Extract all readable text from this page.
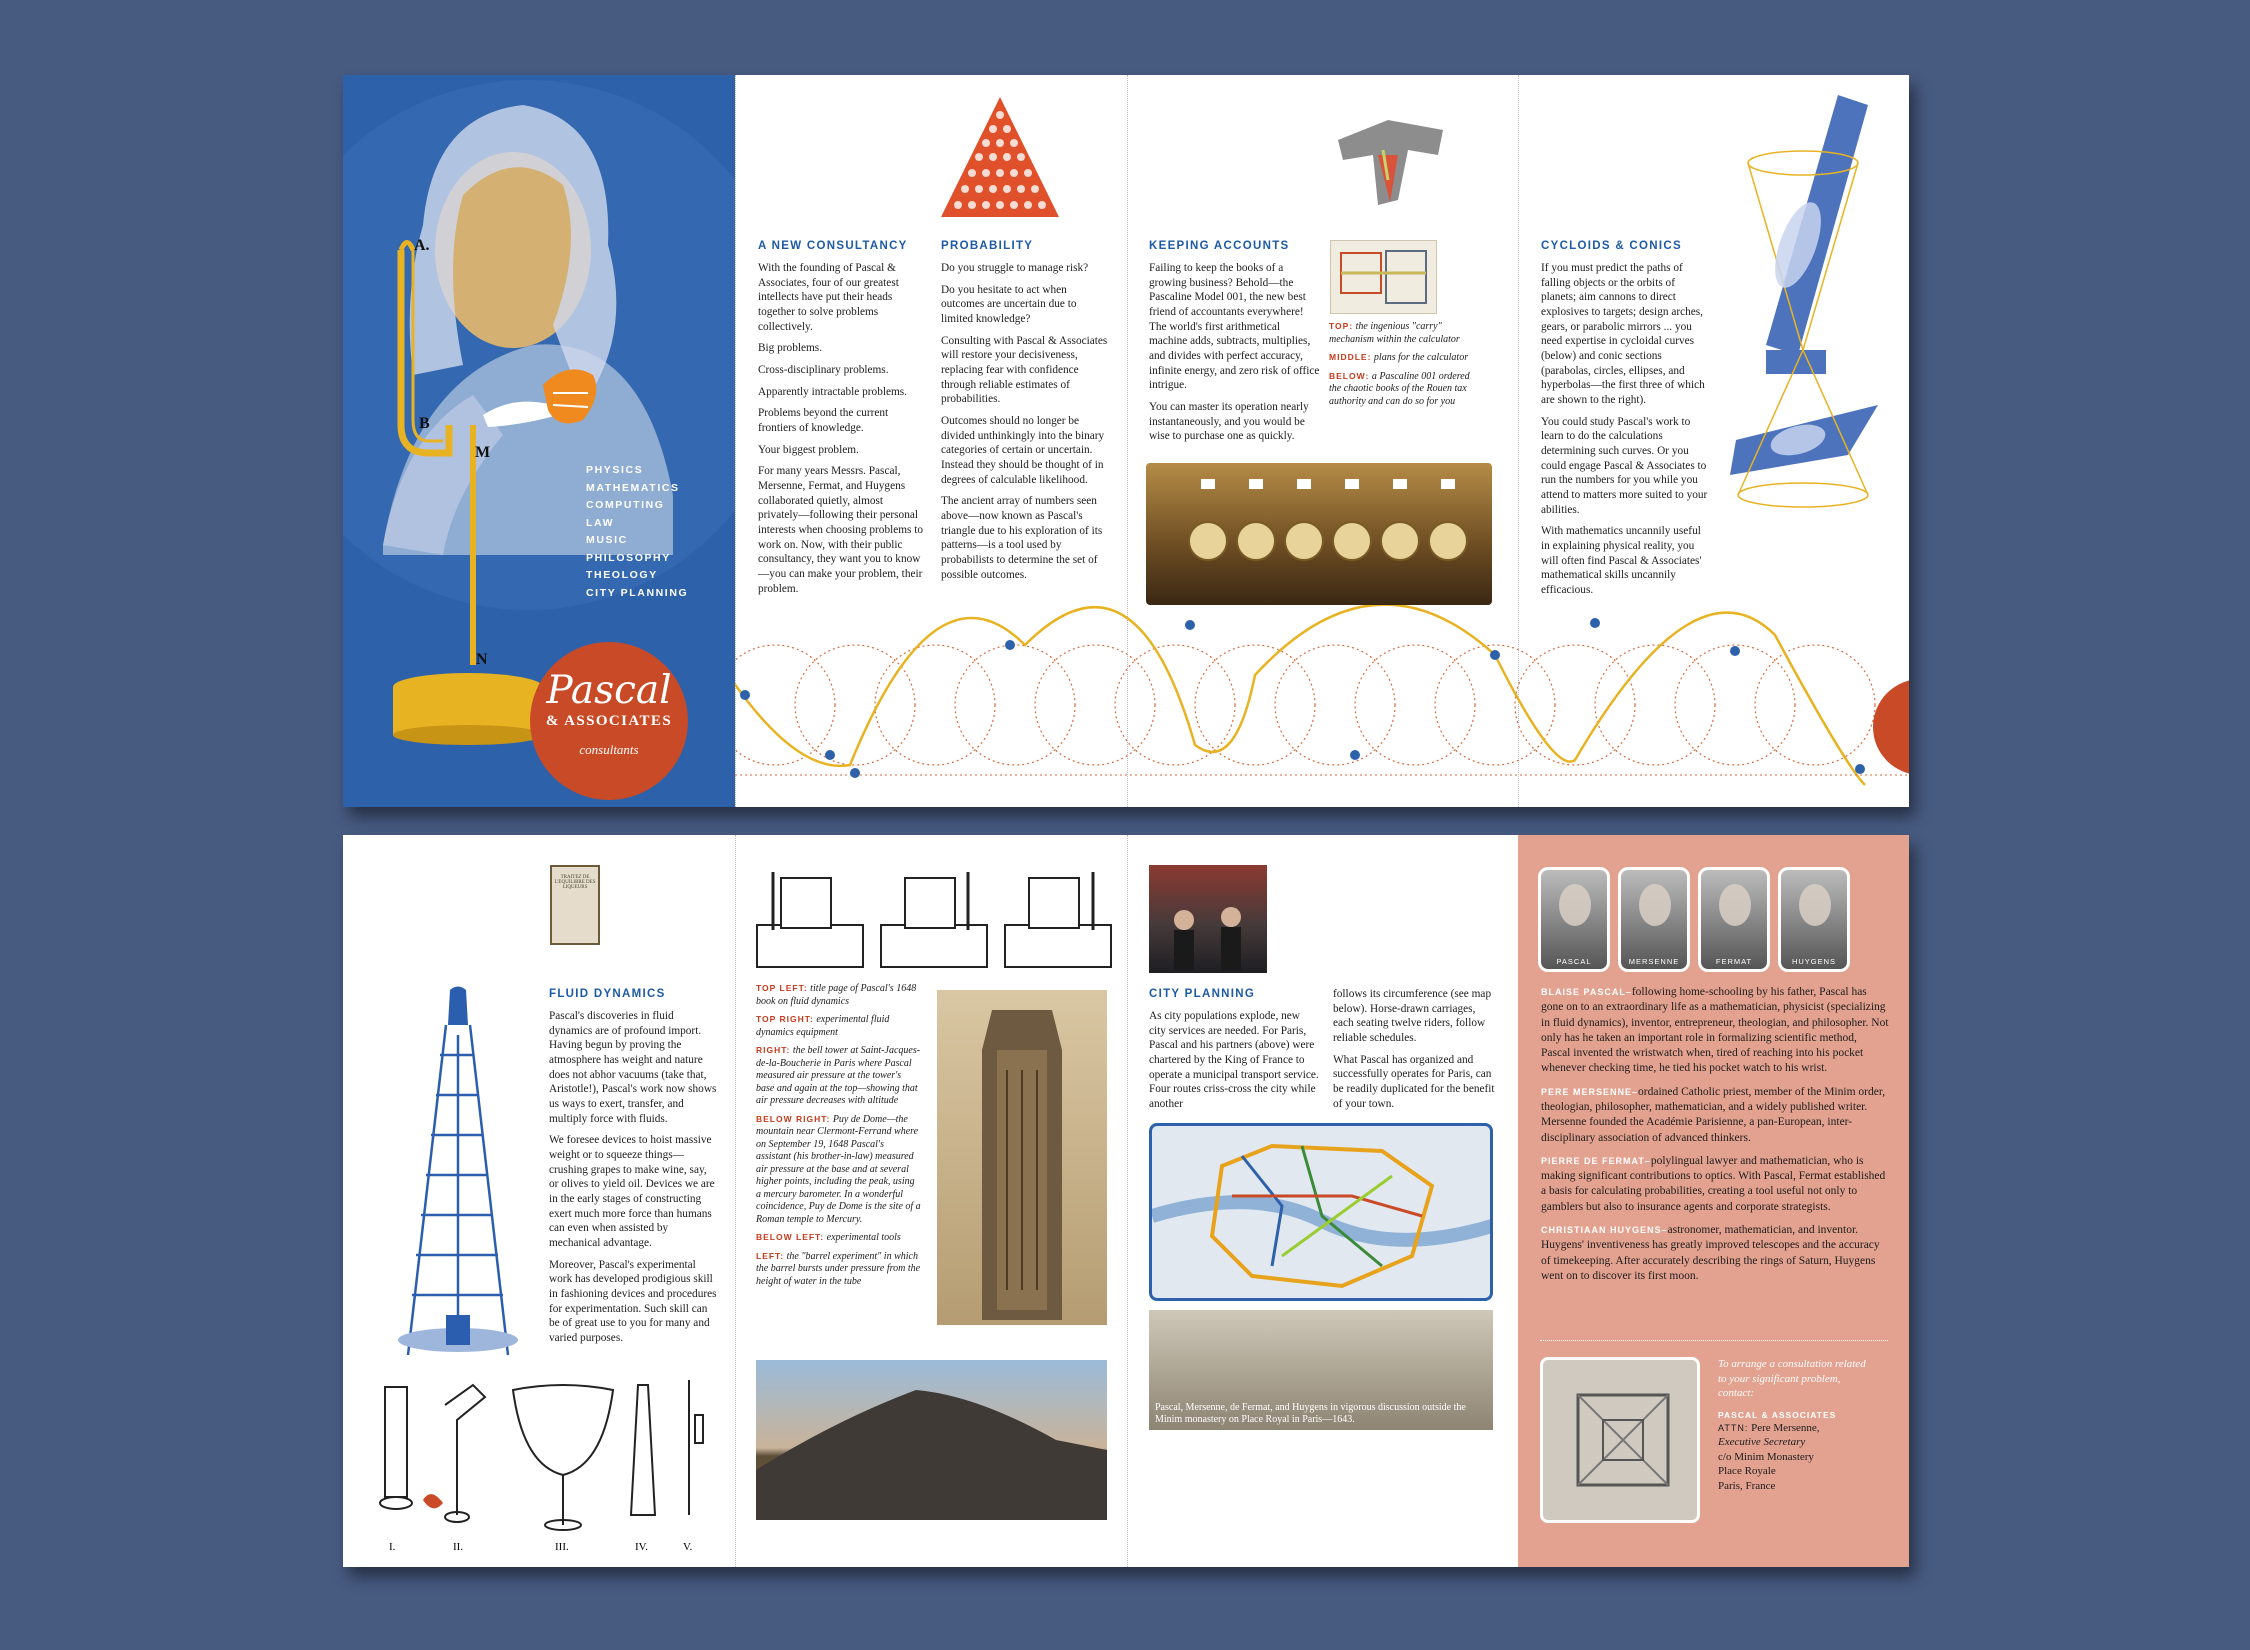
A.
B
M
N
PHYSICS
MATHEMATICS
COMPUTING
LAW
MUSIC
PHILOSOPHY
THEOLOGY
CITY PLANNING
Pascal
& ASSOCIATES
consultants
A NEW CONSULTANCY

With the founding of Pascal & Associates, four of our greatest intellects have put their heads together to solve problems collectively.

Big problems.

Cross-disciplinary problems.

Apparently intractable problems.

Problems beyond the current frontiers of knowledge.

Your biggest problem.

For many years Messrs. Pascal, Mersenne, Fermat, and Huygens collaborated quietly, almost privately—following their personal interests when choosing problems to work on. Now, with their public consultancy, they want you to know—you can make your problem, their problem.

PROBABILITY

Do you struggle to manage risk?

Do you hesitate to act when outcomes are uncertain due to limited knowledge?

Consulting with Pascal & Associates will restore your decisiveness, replacing fear with confidence through reliable estimates of probabilities.

Outcomes should no longer be divided unthinkingly into the binary categories of certain or uncertain. Instead they should be thought of in degrees of calculable likelihood.

The ancient array of numbers seen above—now known as Pascal's triangle due to his exploration of its patterns—is a tool used by probabilists to determine the set of possible outcomes.

KEEPING ACCOUNTS

Failing to keep the books of a growing business? Behold—the Pascaline Model 001, the new best friend of accountants everywhere! The world's first arithmetical machine adds, subtracts, multiplies, and divides with perfect accuracy, infinite energy, and zero risk of office intrigue.

You can master its operation nearly instantaneously, and you would be wise to purchase one as quickly.

TOP: the ingenious "carry" mechanism within the calculator

MIDDLE: plans for the calculator

BELOW: a Pascaline 001 ordered the chaotic books of the Rouen tax authority and can do so for you

CYCLOIDS & CONICS

If you must predict the paths of falling objects or the orbits of planets; aim cannons to direct explosives to targets; design arches, gears, or parabolic mirrors ... you need expertise in cycloidal curves (below) and conic sections (parabolas, circles, ellipses, and hyperbolas—the first three of which are shown to the right).

You could study Pascal's work to learn to do the calculations determining such curves. Or you could engage Pascal & Associates to run the numbers for you while you attend to matters more suited to your abilities.

With mathematics uncannily useful in explaining physical reality, you will often find Pascal & Associates' mathematical skills uncannily efficacious.

TRAITEZ DE L'EQUILIBRE DES LIQUEURS
FLUID DYNAMICS

Pascal's discoveries in fluid dynamics are of profound import. Having begun by proving the atmosphere has weight and nature does not abhor vacuums (take that, Aristotle!), Pascal's work now shows us ways to exert, transfer, and multiply force with fluids.

We foresee devices to hoist massive weight or to squeeze things—crushing grapes to make wine, say, or olives to yield oil. Devices we are in the early stages of constructing exert much more force than humans can even when assisted by mechanical advantage.

Moreover, Pascal's experimental work has developed prodigious skill in fashioning devices and procedures for experimentation. Such skill can be of great use to you for many and varied purposes.

I.	II.	III.	IV.	V.

TOP LEFT: title page of Pascal's 1648 book on fluid dynamics

TOP RIGHT: experimental fluid dynamics equipment

RIGHT: the bell tower at Saint-Jacques-de-la-Boucherie in Paris where Pascal measured air pressure at the tower's base and again at the top—showing that air pressure decreases with altitude

BELOW RIGHT: Puy de Dome—the mountain near Clermont-Ferrand where on September 19, 1648 Pascal's assistant (his brother-in-law) measured air pressure at the base and at several higher points, including the peak, using a mercury barometer. In a wonderful coincidence, Puy de Dome is the site of a Roman temple to Mercury.

BELOW LEFT: experimental tools

LEFT: the "barrel experiment" in which the barrel bursts under pressure from the height of water in the tube

CITY PLANNING

As city populations explode, new city services are needed. For Paris, Pascal and his partners (above) were chartered by the King of France to operate a municipal transport service. Four routes criss-cross the city while another

follows its circumference (see map below). Horse-drawn carriages, each seating twelve riders, follow reliable schedules.

What Pascal has organized and successfully operates for Paris, can be readily duplicated for the benefit of your town.

Pascal, Mersenne, de Fermat, and Huygens in vigorous discussion outside the Minim monastery on Place Royal in Paris—1643.
PASCAL	MERSENNE	FERMAT	HUYGENS

BLAISE PASCAL–following home-schooling by his father, Pascal has gone on to an extraordinary life as a mathematician, physicist (specializing in fluid dynamics), inventor, entrepreneur, theologian, and philosopher. Not only has he taken an important role in formalizing scientific method, Pascal invented the wristwatch when, tired of reaching into his pocket whenever checking time, he tied his pocket watch to his wrist.

PERE MERSENNE–ordained Catholic priest, member of the Minim order, theologian, philosopher, mathematician, and a widely published writer. Mersenne founded the Académie Parisienne, a pan-European, inter-disciplinary association of advanced thinkers.

PIERRE DE FERMAT–polylingual lawyer and mathematician, who is making significant contributions to optics. With Pascal, Fermat established a basis for calculating probabilities, creating a tool useful not only to gamblers but also to insurance agents and corporate strategists.

CHRISTIAAN HUYGENS–astronomer, mathematician, and inventor. Huygens' inventiveness has greatly improved telescopes and the accuracy of timekeeping. After accurately describing the rings of Saturn, Huygens went on to discover its first moon.

To arrange a consultation related to your significant problem, contact:
PASCAL & ASSOCIATES
ATTN: Pere Mersenne,
Executive Secretary
c/o Minim Monastery
Place Royale
Paris, France
